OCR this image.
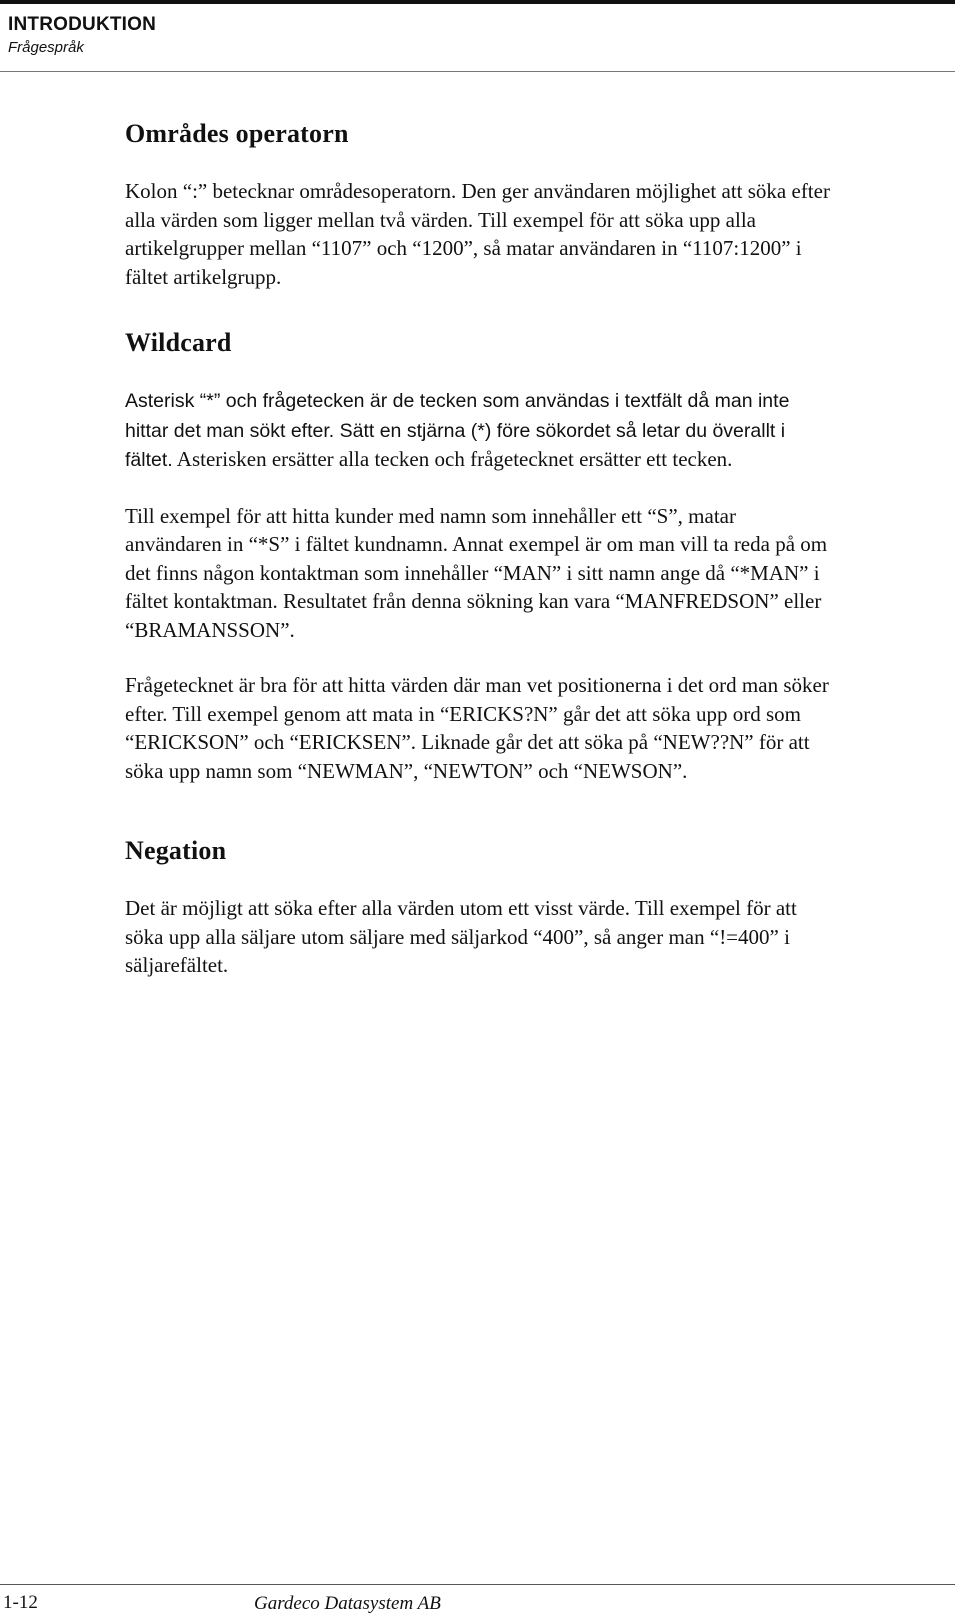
INTRODUKTION
Frågespråk
Områdes operatorn

Kolon “:” betecknar områdesoperatorn. Den ger användaren möjlighet att söka efter alla värden som ligger mellan två värden. Till exempel för att söka upp alla artikelgrupper mellan “1107” och “1200”, så matar användaren in “1107:1200” i fältet artikelgrupp.

Wildcard

Asterisk “*” och frågetecken är de tecken som användas i textfält då man inte hittar det man sökt efter. Sätt en stjärna (*) före sökordet så letar du överallt i fältet. Asterisken ersätter alla tecken och frågetecknet ersätter ett tecken.

Till exempel för att hitta kunder med namn som innehåller ett “S”, matar användaren in “*S” i fältet kundnamn. Annat exempel är om man vill ta reda på om det finns någon kontaktman som innehåller “MAN” i sitt namn ange då “*MAN” i fältet kontaktman. Resultatet från denna sökning kan vara “MANFREDSON” eller “BRAMANSSON”.

Frågetecknet är bra för att hitta värden där man vet positionerna i det ord man söker efter. Till exempel genom att mata in “ERICKS?N” går det att söka upp ord som “ERICKSON” och “ERICKSEN”. Liknade går det att söka på “NEW??N” för att söka upp namn som “NEWMAN”, “NEWTON” och “NEWSON”.

Negation

Det är möjligt att söka efter alla värden utom ett visst värde. Till exempel för att söka upp alla säljare utom säljare med säljarkod “400”, så anger man “!=400” i säljarefältet.

1-12	Gardeco Datasystem AB
